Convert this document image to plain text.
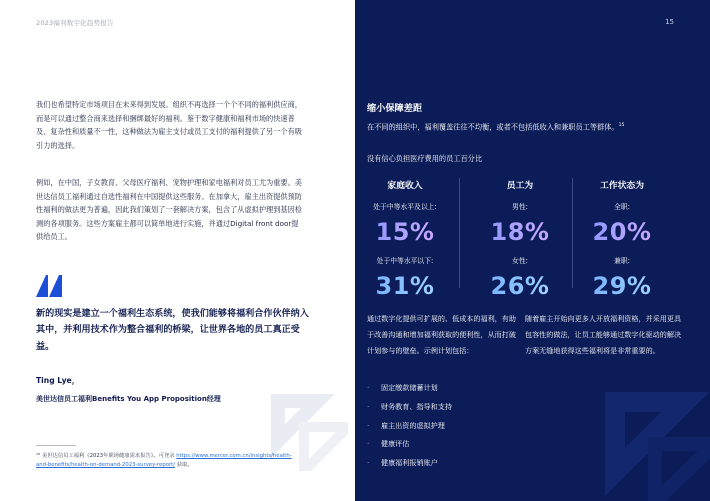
2023福利数字化趋势报告

我们也希望特定市场项目在未来得到发展。组织不再选择一个个不同的福利供应商，而是可以通过整合商来选择和捆绑最好的福利。鉴于数字健康和福利市场的快速普及、复杂性和质量不一性，这种做法为雇主支付或员工支付的福利提供了另一个有吸引力的选择。

例如，在中国，子女教育、父母医疗福利、宠物护理和家电福利对员工尤为重要。美世达信员工福利通过自选性福利在中国提供这些服务。在加拿大，雇主出资提供预防性福利的做法更为普遍，因此我们策划了一套解决方案，包含了从虚拟护理到基因检测的各项服务。这些方案雇主都可以简单地进行实施，并通过Digital front door提供给员工。

新的现实是建立一个福利生态系统，使我们能够将福利合作伙伴纳入其中，并利用技术作为整合福利的桥梁，让世界各地的员工真正受益。

Ting Lye，
美世达信员工福利Benefits You App Proposition经理

¹⁵ 美世达信员工福利《2023年职场健康需求报告》。可登录 https://www.mercer.com.cn/insights/health-and-benefits/health-on-demand-2023-survey-report/ 获取。

15
缩小保障差距

在不同的组织中，福利覆盖往往不均衡，或者不包括低收入和兼职员工等群体。$^{15}$

没有信心负担医疗费用的员工百分比
家庭收入
处于中等水平及以上:
15%
处于中等水平以下:
31%
员工为
男性:
18%
女性:
26%
工作状态为
全职:
20%
兼职:
29%

通过数字化提供可扩展的、低成本的福利，有助于改善沟通和增加福利获取的便利性，从而打破计划参与的壁垒。示例计划包括：

随着雇主开始向更多人开放福利资格，并采用更具包容性的做法，让员工能够通过数字化驱动的解决方案无缝地获得这些福利将是非常重要的。

· 固定缴款储蓄计划
· 财务教育、指导和支持
· 雇主出资的虚拟护理
· 健康评估
· 健康福利报销账户
